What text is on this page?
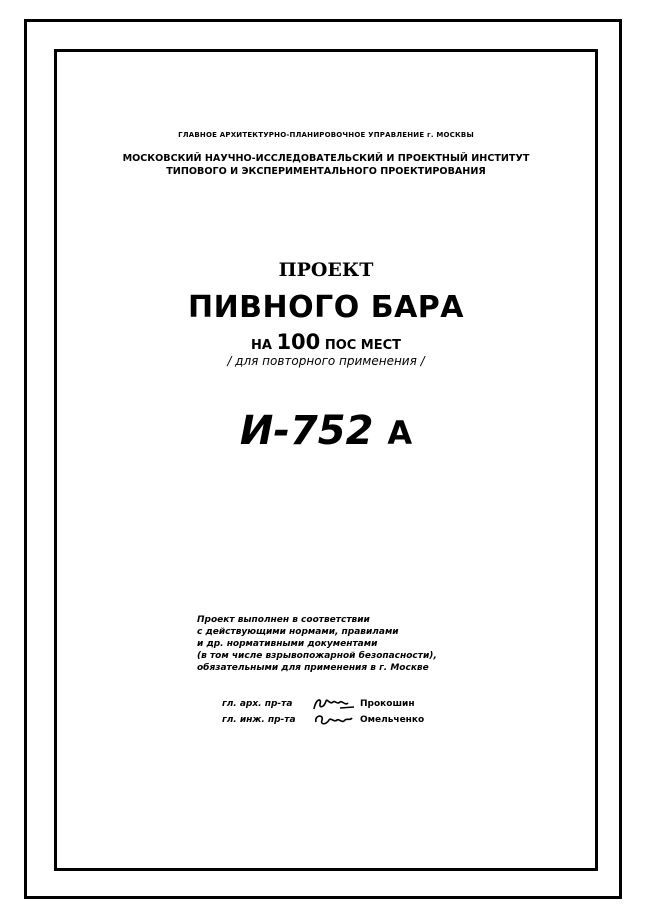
ГЛАВНОЕ АРХИТЕКТУРНО-ПЛАНИРОВОЧНОЕ УПРАВЛЕНИЕ г. МОСКВЫ
МОСКОВСКИЙ НАУЧНО-ИССЛЕДОВАТЕЛЬСКИЙ И ПРОЕКТНЫЙ ИНСТИТУТ
ТИПОВОГО И ЭКСПЕРИМЕНТАЛЬНОГО ПРОЕКТИРОВАНИЯ
ПРОЕКТ
ПИВНОГО БАРА
НА 100 ПОС МЕСТ
/ для повторного применения /
И-752 А
Проект выполнен в соответствии
с действующими нормами, правилами
и др. нормативными документами
(в том числе взрывопожарной безопасности),
обязательными для применения в г. Москве
гл. арх. пр-та	Прокошин
гл. инж. пр-та	Омельченко
